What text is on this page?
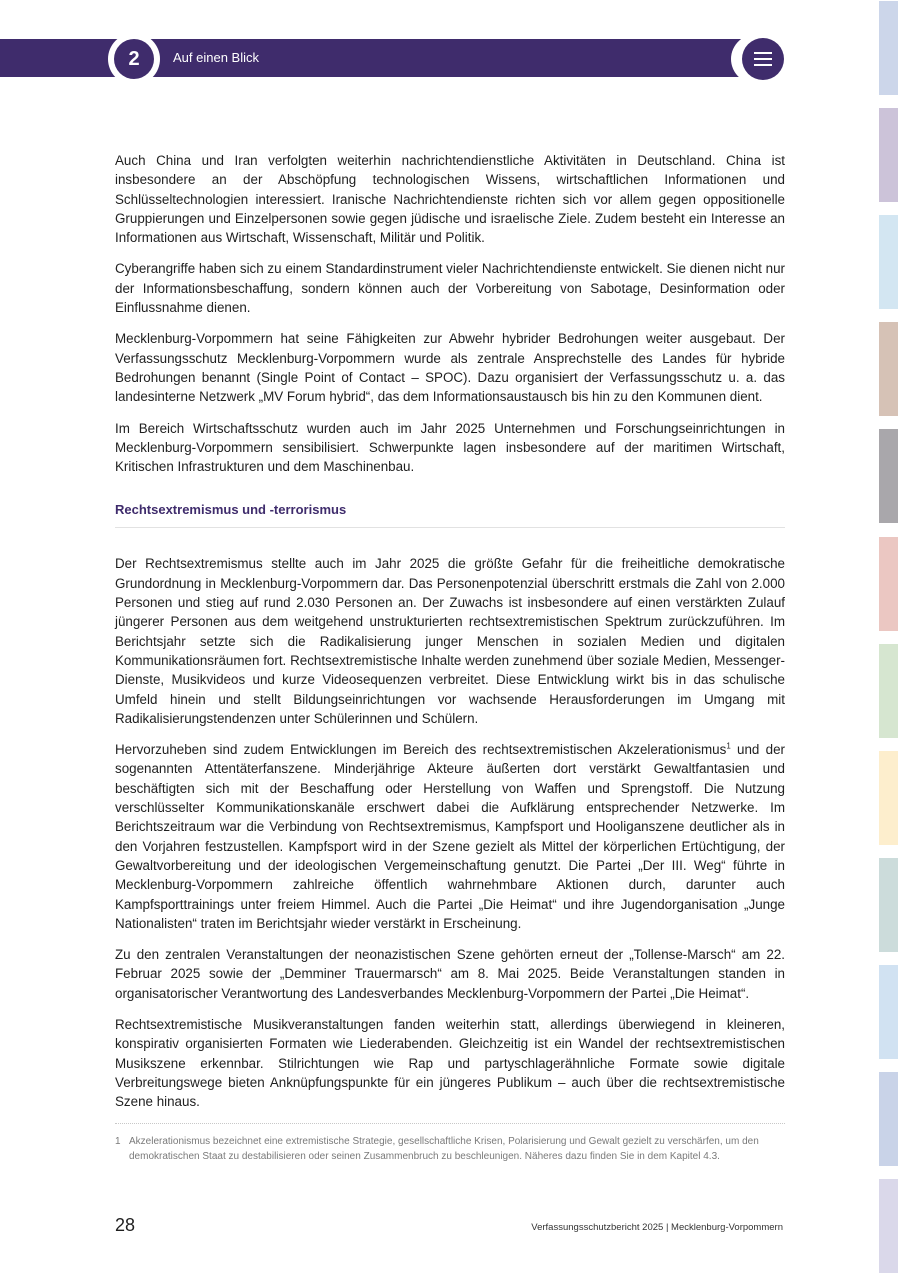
2	Auf einen Blick

Auch China und Iran verfolgten weiterhin nachrichtendienstliche Aktivitäten in Deutschland. China ist insbesondere an der Abschöpfung technologischen Wissens, wirtschaftlichen Informationen und Schlüsseltechnologien interessiert. Iranische Nachrichtendienste richten sich vor allem gegen oppositionelle Gruppierungen und Einzelpersonen sowie gegen jüdische und israelische Ziele. Zudem besteht ein Interesse an Informationen aus Wirtschaft, Wissenschaft, Militär und Politik.

Cyberangriffe haben sich zu einem Standardinstrument vieler Nachrichtendienste entwickelt. Sie dienen nicht nur der Informationsbeschaffung, sondern können auch der Vorbereitung von Sabotage, Desinformation oder Einflussnahme dienen.

Mecklenburg-Vorpommern hat seine Fähigkeiten zur Abwehr hybrider Bedrohungen weiter ausgebaut. Der Verfassungsschutz Mecklenburg-Vorpommern wurde als zentrale Ansprechstelle des Landes für hybride Bedrohungen benannt (Single Point of Contact – SPOC). Dazu organisiert der Verfassungsschutz u. a. das landesinterne Netzwerk „MV Forum hybrid“, das dem Informationsaustausch bis hin zu den Kommunen dient.

Im Bereich Wirtschaftsschutz wurden auch im Jahr 2025 Unternehmen und Forschungseinrichtungen in Mecklenburg-Vorpommern sensibilisiert. Schwerpunkte lagen insbesondere auf der maritimen Wirtschaft, Kritischen Infrastrukturen und dem Maschinenbau.

Rechtsextremismus und -terrorismus

Der Rechtsextremismus stellte auch im Jahr 2025 die größte Gefahr für die freiheitliche demokratische Grundordnung in Mecklenburg-Vorpommern dar. Das Personenpotenzial überschritt erstmals die Zahl von 2.000 Personen und stieg auf rund 2.030 Personen an. Der Zuwachs ist insbesondere auf einen verstärkten Zulauf jüngerer Personen aus dem weitgehend unstrukturierten rechtsextremistischen Spektrum zurückzuführen. Im Berichtsjahr setzte sich die Radikalisierung junger Menschen in sozialen Medien und digitalen Kommunikationsräumen fort. Rechtsextremistische Inhalte werden zunehmend über soziale Medien, Messenger-Dienste, Musikvideos und kurze Videosequenzen verbreitet. Diese Entwicklung wirkt bis in das schulische Umfeld hinein und stellt Bildungseinrichtungen vor wachsende Herausforderungen im Umgang mit Radikalisierungstendenzen unter Schülerinnen und Schülern.

Hervorzuheben sind zudem Entwicklungen im Bereich des rechtsextremistischen Akzelerationismus$^1$ und der sogenannten Attentäterfanszene. Minderjährige Akteure äußerten dort verstärkt Gewaltfantasien und beschäftigten sich mit der Beschaffung oder Herstellung von Waffen und Sprengstoff. Die Nutzung verschlüsselter Kommunikationskanäle erschwert dabei die Aufklärung entsprechender Netzwerke. Im Berichtszeitraum war die Verbindung von Rechtsextremismus, Kampfsport und Hooliganszene deutlicher als in den Vorjahren festzustellen. Kampfsport wird in der Szene gezielt als Mittel der körperlichen Ertüchtigung, der Gewaltvorbereitung und der ideologischen Vergemeinschaftung genutzt. Die Partei „Der III. Weg“ führte in Mecklenburg-Vorpommern zahlreiche öffentlich wahrnehmbare Aktionen durch, darunter auch Kampfsporttrainings unter freiem Himmel. Auch die Partei „Die Heimat“ und ihre Jugendorganisation „Junge Nationalisten“ traten im Berichtsjahr wieder verstärkt in Erscheinung.

Zu den zentralen Veranstaltungen der neonazistischen Szene gehörten erneut der „Tollense-Marsch“ am 22. Februar 2025 sowie der „Demminer Trauermarsch“ am 8. Mai 2025. Beide Veranstaltungen standen in organisatorischer Verantwortung des Landesverbandes Mecklenburg-Vorpommern der Partei „Die Heimat“.

Rechtsextremistische Musikveranstaltungen fanden weiterhin statt, allerdings überwiegend in kleineren, konspirativ organisierten Formaten wie Liederabenden. Gleichzeitig ist ein Wandel der rechtsextremistischen Musikszene erkennbar. Stilrichtungen wie Rap und partyschlagerähnliche Formate sowie digitale Verbreitungswege bieten Anknüpfungspunkte für ein jüngeres Publikum – auch über die rechtsextremistische Szene hinaus.

1 Akzelerationismus bezeichnet eine extremistische Strategie, gesellschaftliche Krisen, Polarisierung und Gewalt gezielt zu verschärfen, um den demokratischen Staat zu destabilisieren oder seinen Zusammenbruch zu beschleunigen. Näheres dazu finden Sie in dem Kapitel 4.3.
28	Verfassungsschutzbericht 2025 | Mecklenburg-Vorpommern
